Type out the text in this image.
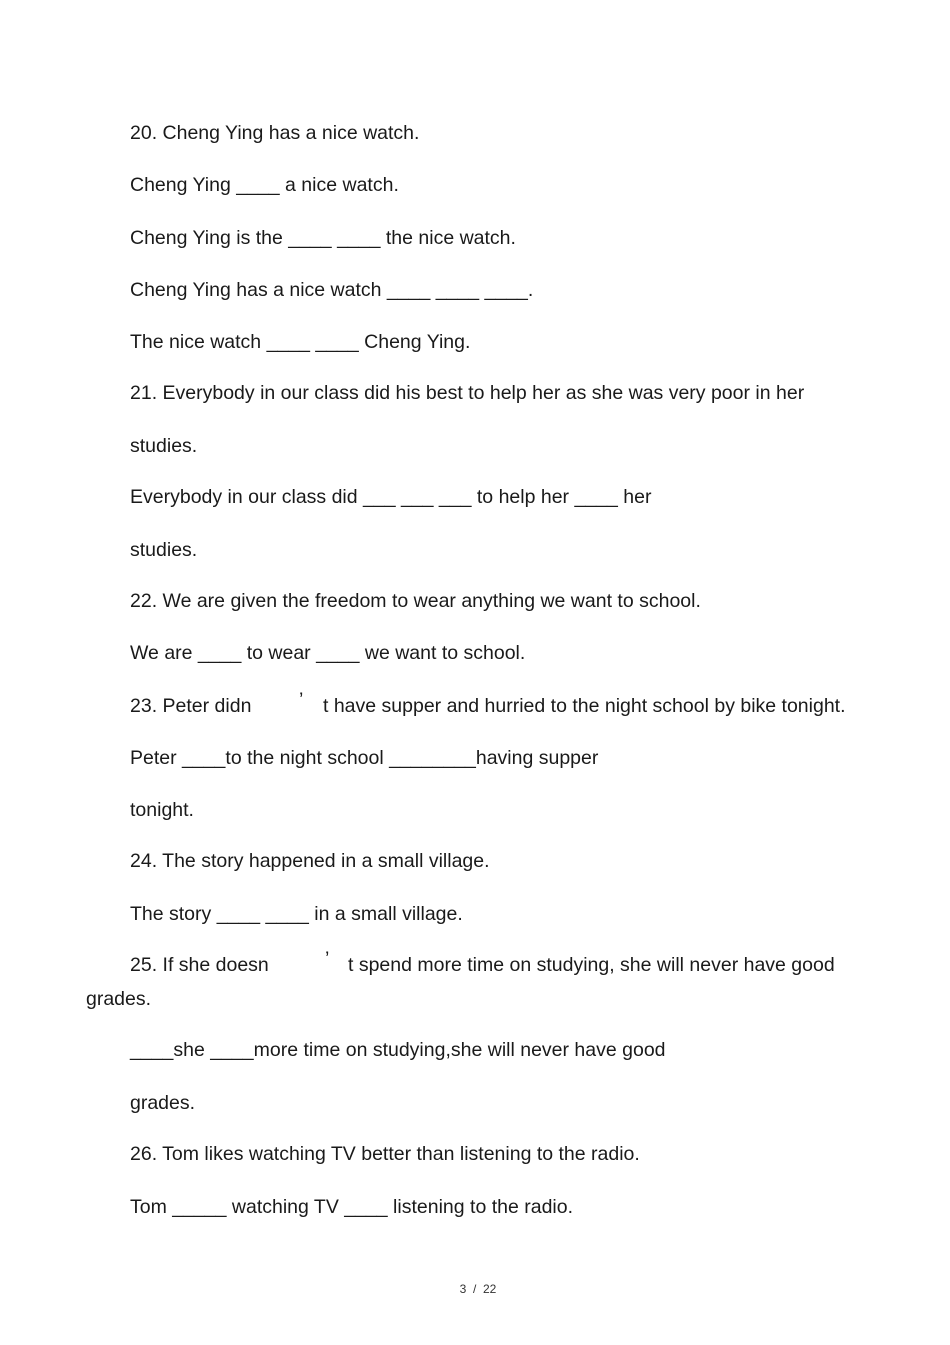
20. Cheng Ying has a nice watch.
Cheng Ying ____ a nice watch.
Cheng Ying is the ____ ____ the nice watch.
Cheng Ying has a nice watch ____ ____ ____.
The nice watch ____ ____ Cheng Ying.
21. Everybody in our class did his best to help her as she was very poor in her
studies.
Everybody in our class did ___ ___ ___ to help her ____ her
studies.
22. We are given the freedom to wear anything we want to school.
We are ____ to wear ____ we want to school.
23. Peter didn ’ t have supper and hurried to the night school by bike tonight.
Peter ____to the night school ________having supper
tonight.
24. The story happened in a small village.
The story ____ ____ in a small village.
25. If she doesn	’ t spend more time on studying, she will never have good
grades.
____she ____more time on studying,she will never have good
grades.
26. Tom likes watching TV better than listening to the radio.
Tom _____ watching TV ____ listening to the radio.
3  /  22
